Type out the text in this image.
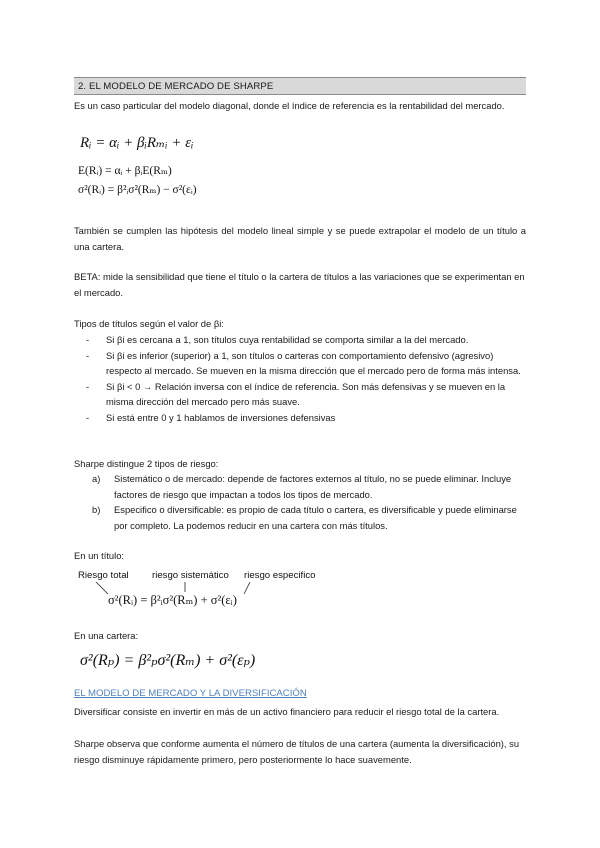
2. EL MODELO DE MERCADO DE SHARPE

Es un caso particular del modelo diagonal, donde el índice de referencia es la rentabilidad del mercado.

Rᵢ = αᵢ + βᵢRₘᵢ + εᵢ
E(Rᵢ) = αᵢ + βᵢE(Rₘ)
σ²(Rᵢ) = β²ᵢσ²(Rₘ) − σ²(εᵢ)

También se cumplen las hipótesis del modelo lineal simple y se puede extrapolar el modelo de un título a una cartera.

BETA: mide la sensibilidad que tiene el título o la cartera de títulos a las variaciones que se experimentan en el mercado.

Tipos de títulos según el valor de βi:

- Si βi es cercana a 1, son títulos cuya rentabilidad se comporta similar a la del mercado.
- Si βi es inferior (superior) a 1, son títulos o carteras con comportamiento defensivo (agresivo) respecto al mercado. Se mueven en la misma dirección que el mercado pero de forma más intensa.
- Si βi < 0 → Relación inversa con el índice de referencia. Son más defensivas y se mueven en la misma dirección del mercado pero más suave.
- Si está entre 0 y 1 hablamos de inversiones defensivas

Sharpe distingue 2 tipos de riesgo:

a) Sistemático o de mercado: depende de factores externos al título, no se puede eliminar. Incluye factores de riesgo que impactan a todos los tipos de mercado.
b) Especifico o diversificable: es propio de cada título o cartera, es diversificable y puede eliminarse por completo. La podemos reducir en una cartera con más títulos.

En un título:

Riesgo total riesgo sistemático riesgo especifico
σ²(Rᵢ) = β²ᵢσ²(Rₘ) + σ²(εᵢ)

En una cartera:

σ²(Rₚ) = β²ₚσ²(Rₘ) + σ²(εₚ)
EL MODELO DE MERCADO Y LA DIVERSIFICACIÓN

Diversificar consiste en invertir en más de un activo financiero para reducir el riesgo total de la cartera.

Sharpe observa que conforme aumenta el número de títulos de una cartera (aumenta la diversificación), su riesgo disminuye rápidamente primero, pero posteriormente lo hace suavemente.
